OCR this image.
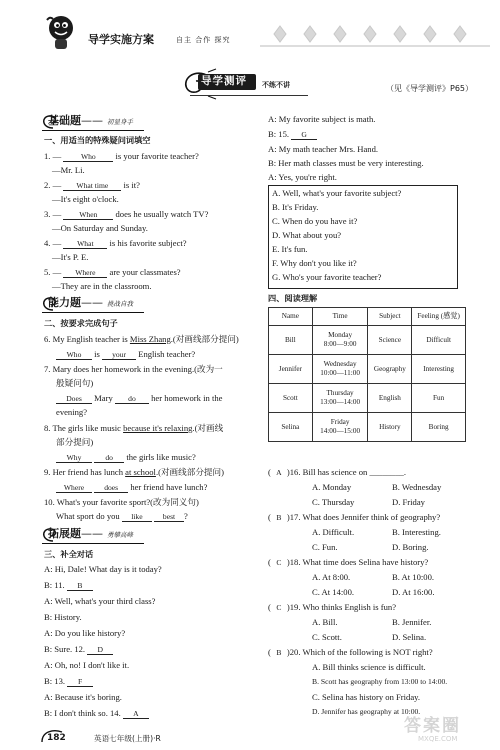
导学实施方案	自主 合作 探究
导学测评 不练不讲	（见《导学测评》P65）
基础题—— 初显身手
一、用适当的特殊疑问词填空
1. —	Who is your favorite teacher?
—Mr. Li.
2. — What time is it?
—It's eight o'clock.
3. — When does he usually watch TV?
—On Saturday and Sunday.
4. — What is his favorite subject?
—It's P. E.
5. — Where are your classmates?
—They are in the classroom.
能力题—— 挑战自我
二、按要求完成句子
6. My English teacher is Miss Zhang.(对画线部分提问)
Who is your English teacher?
7. Mary does her homework in the evening.(改为一
般疑问句)
Does Mary do her homework in the
evening?
8. The girls like music because it's relaxing.(对画线
部分提问)
Why	do the girls like music?
9. Her friend has lunch at school.(对画线部分提问)
Where	does her friend have lunch?
10. What's your favorite sport?(改为同义句)
What sport do you like	best ?
拓展题—— 勇攀高峰
三、补全对话
A: Hi, Dale! What day is it today?
B: 11. B
A: Well, what's your third class?
B: History.
A: Do you like history?
B: Sure. 12. D
A: Oh, no! I don't like it.
B: 13. F
A: Because it's boring.
B: I don't think so. 14. A
182	英语七年级(上册)·R
A: My favorite subject is math.
B: 15. G
A: My math teacher Mrs. Hand.
B: Her math classes must be very interesting.
A: Yes, you're right.
A. Well, what's your favorite subject?
B. It's Friday.
C. When do you have it?
D. What about you?
E. It's fun.
F. Why don't you like it?
G. Who's your favorite teacher?
四、阅读理解
Name	Time	Subject	Feeling (感觉)
Bill	Monday
8:00—9:00	Science	Difficult
Jennifer	Wednesday
10:00—11:00	Geography	Interesting
Scott	Thursday
13:00—14:00	English	Fun
Selina	Friday
14:00—15:00	History	Boring
( A )16. Bill has science on ________.
A. Monday	B. Wednesday
C. Thursday	D. Friday
( B )17. What does Jennifer think of geography?
A. Difficult.	B. Interesting.
C. Fun.	D. Boring.
( C )18. What time does Selina have history?
A. At 8:00.	B. At 10:00.
C. At 14:00.	D. At 16:00.
( C )19. Who thinks English is fun?
A. Bill.	B. Jennifer.
C. Scott.	D. Selina.
( B )20. Which of the following is NOT right?
A. Bill thinks science is difficult.
B. Scott has geography from 13:00 to 14:00.
C. Selina has history on Friday.
D. Jennifer has geography at 10:00.
答案圈
MXQE.COM
